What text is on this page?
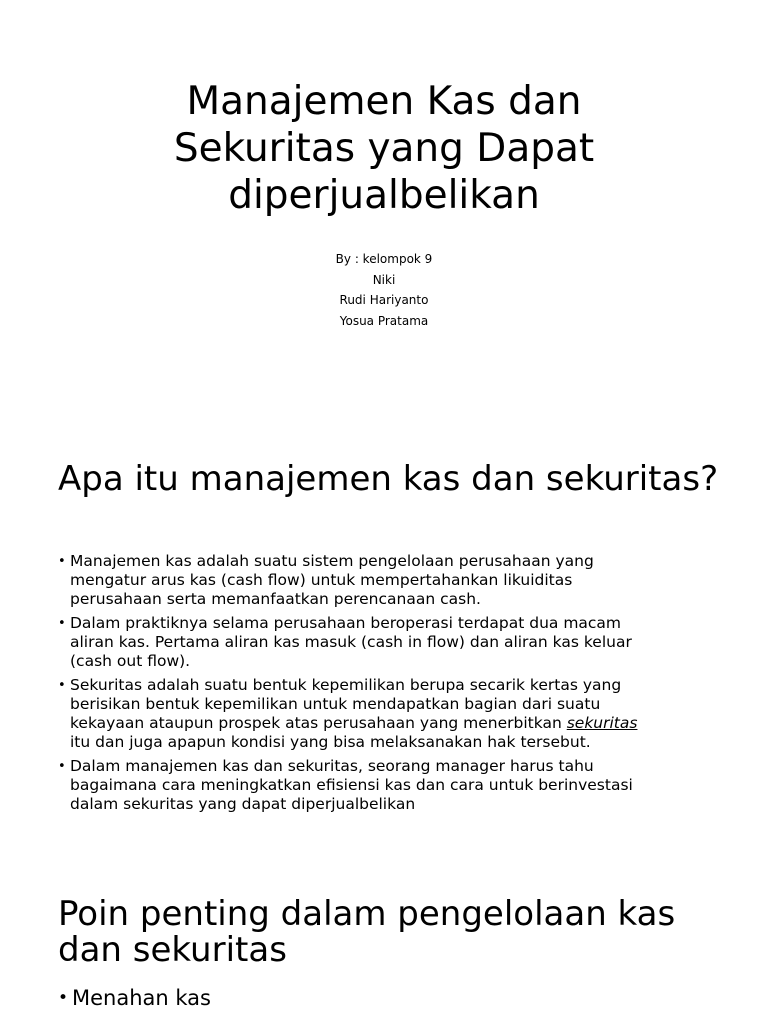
Manajemen Kas dan
Sekuritas yang Dapat
diperjualbelikan
By : kelompok 9
Niki
Rudi Hariyanto
Yosua Pratama
Apa itu manajemen kas dan sekuritas?
• Manajemen kas adalah suatu sistem pengelolaan perusahaan yang
mengatur arus kas (cash flow) untuk mempertahankan likuiditas
perusahaan serta memanfaatkan perencanaan cash.
• Dalam praktiknya selama perusahaan beroperasi terdapat dua macam
aliran kas. Pertama aliran kas masuk (cash in flow) dan aliran kas keluar
(cash out flow).
• Sekuritas adalah suatu bentuk kepemilikan berupa secarik kertas yang
berisikan bentuk kepemilikan untuk mendapatkan bagian dari suatu
kekayaan ataupun prospek atas perusahaan yang menerbitkan sekuritas
itu dan juga apapun kondisi yang bisa melaksanakan hak tersebut.
• Dalam manajemen kas dan sekuritas, seorang manager harus tahu
bagaimana cara meningkatkan efisiensi kas dan cara untuk berinvestasi
dalam sekuritas yang dapat diperjualbelikan
Poin penting dalam pengelolaan kas dan sekuritas
• Menahan kas
